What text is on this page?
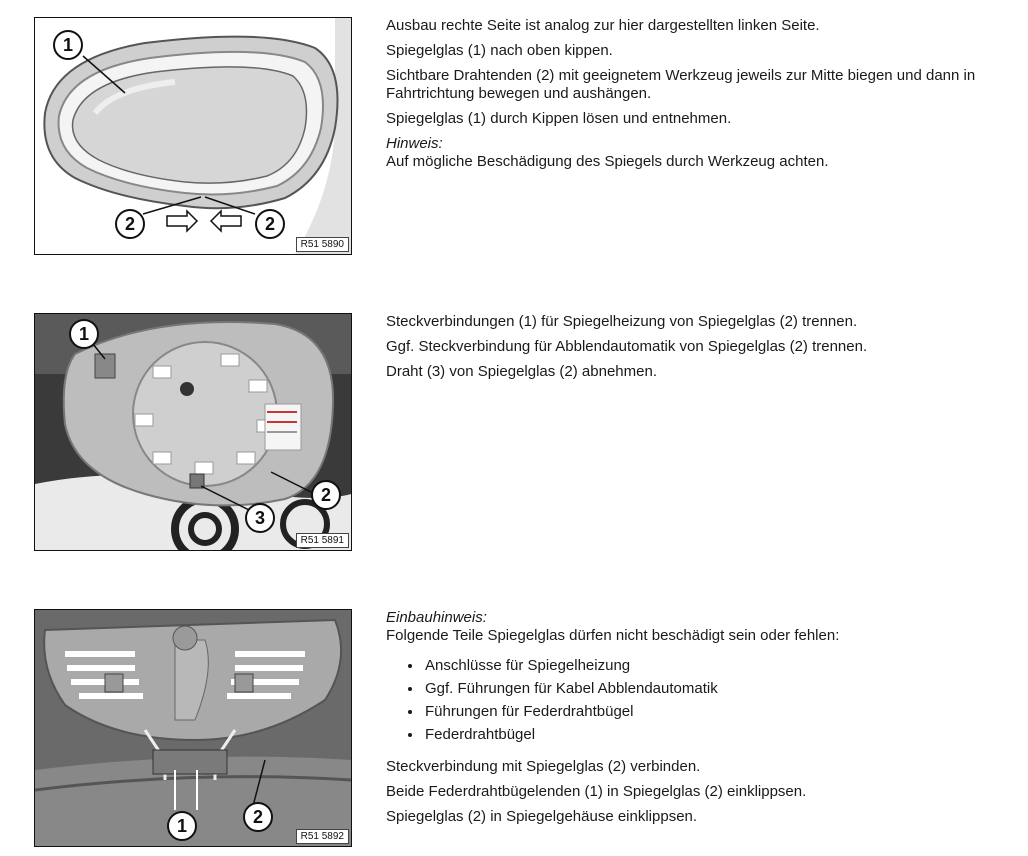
1
2	2
R51 5890

Ausbau rechte Seite ist analog zur hier dargestellten linken Seite.

Spiegelglas (1) nach oben kippen.

Sichtbare Drahtenden (2) mit geeignetem Werkzeug jeweils zur Mitte biegen und dann in Fahrtrichtung bewegen und aushängen.

Spiegelglas (1) durch Kippen lösen und entnehmen.

Hinweis:

Auf mögliche Beschädigung des Spiegels durch Werkzeug achten.

1
2
3
R51 5891

Steckverbindungen (1) für Spiegelheizung von Spiegelglas (2) trennen.

Ggf. Steckverbindung für Abblendautomatik von Spiegelglas (2) trennen.

Draht (3) von Spiegelglas (2) abnehmen.

1	2
R51 5892

Einbauhinweis:

Folgende Teile Spiegelglas dürfen nicht beschädigt sein oder fehlen:

• Anschlüsse für Spiegelheizung
• Ggf. Führungen für Kabel Abblendautomatik
• Führungen für Federdrahtbügel
• Federdrahtbügel

Steckverbindung mit Spiegelglas (2) verbinden.

Beide Federdrahtbügelenden (1) in Spiegelglas (2) einklippsen.

Spiegelglas (2) in Spiegelgehäuse einklippsen.
